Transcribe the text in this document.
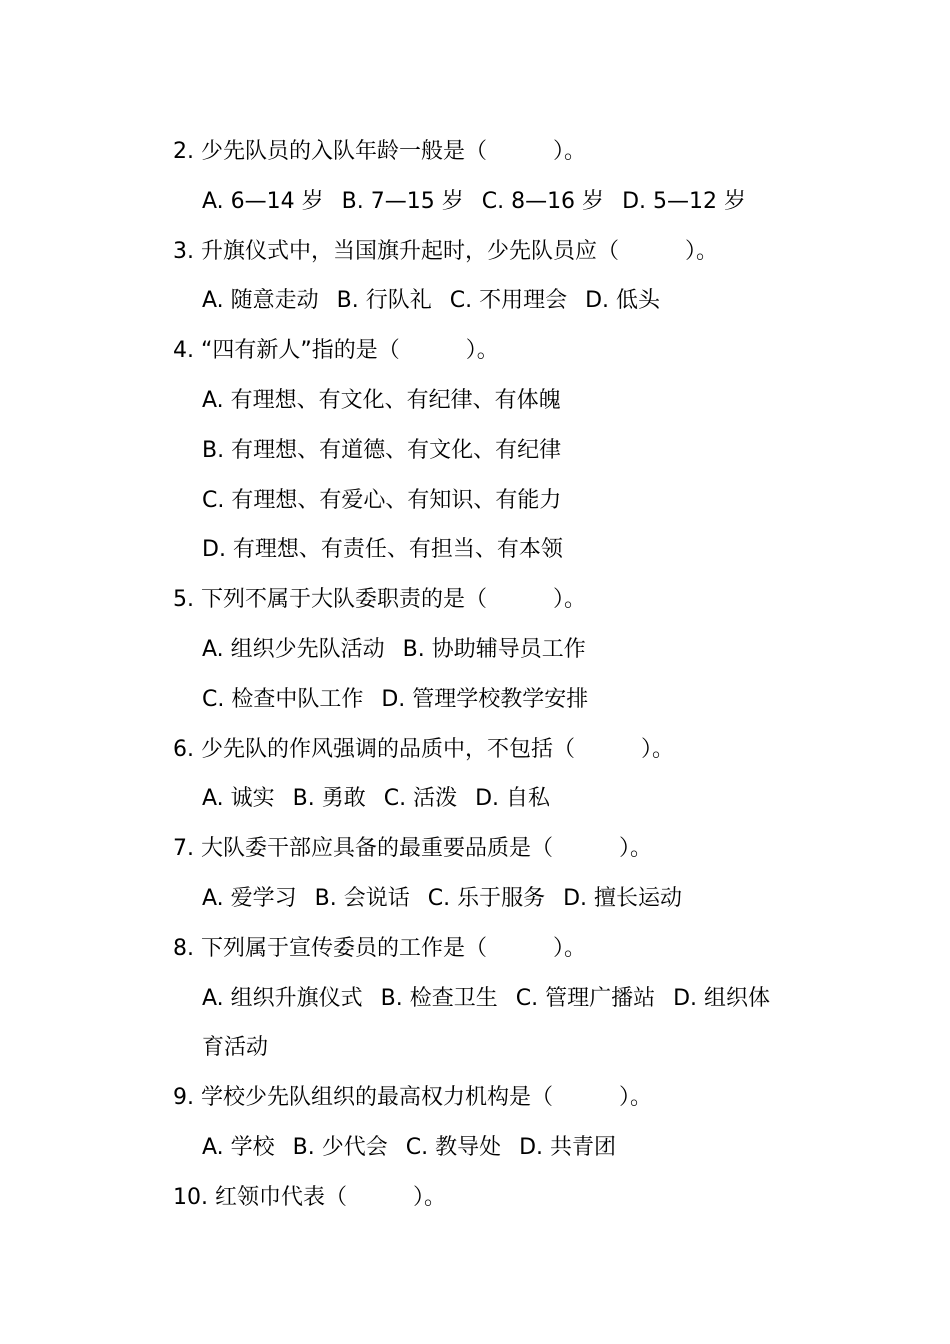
2. 少先队员的入队年龄一般是（　　　）。
A. 6—14 岁 B. 7—15 岁 C. 8—16 岁 D. 5—12 岁
3. 升旗仪式中，当国旗升起时，少先队员应（　　　）。
A. 随意走动 B. 行队礼 C. 不用理会 D. 低头
4. “四有新人”指的是（　　　）。
A. 有理想、有文化、有纪律、有体魄
B. 有理想、有道德、有文化、有纪律
C. 有理想、有爱心、有知识、有能力
D. 有理想、有责任、有担当、有本领
5. 下列不属于大队委职责的是（　　　）。
A. 组织少先队活动 B. 协助辅导员工作
C. 检查中队工作 D. 管理学校教学安排
6. 少先队的作风强调的品质中，不包括（　　　）。
A. 诚实 B. 勇敢 C. 活泼 D. 自私
7. 大队委干部应具备的最重要品质是（　　　）。
A. 爱学习 B. 会说话 C. 乐于服务 D. 擅长运动
8. 下列属于宣传委员的工作是（　　　）。
A. 组织升旗仪式 B. 检查卫生 C. 管理广播站 D. 组织体
育活动
9. 学校少先队组织的最高权力机构是（　　　）。
A. 学校 B. 少代会 C. 教导处 D. 共青团
10. 红领巾代表（　　　）。
